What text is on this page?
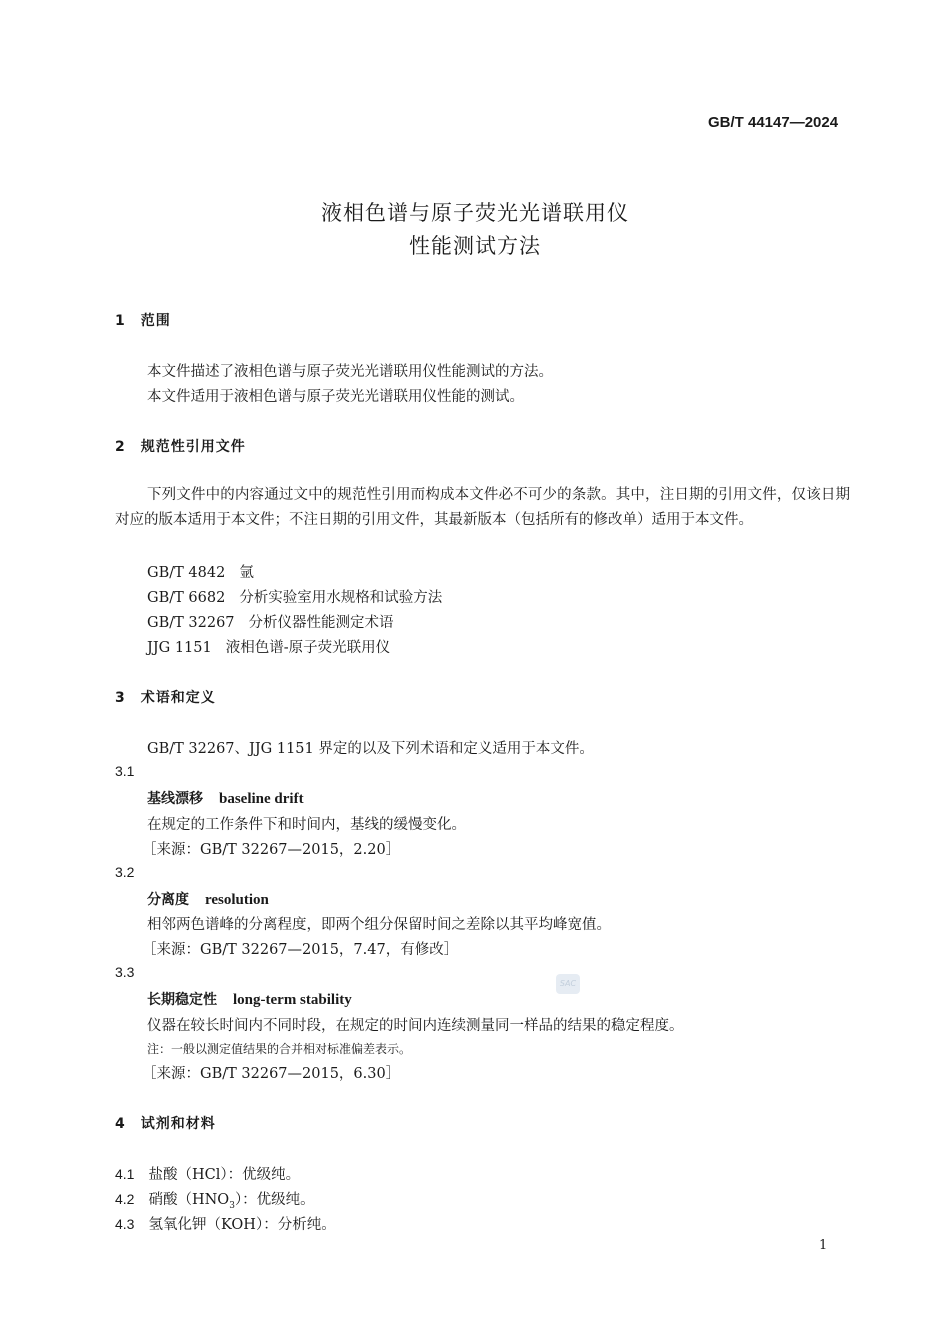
GB/T 44147—2024
液相色谱与原子荧光光谱联用仪
性能测试方法
1　范围
本文件描述了液相色谱与原子荧光光谱联用仪性能测试的方法。
本文件适用于液相色谱与原子荧光光谱联用仪性能的测试。
2　规范性引用文件
下列文件中的内容通过文中的规范性引用而构成本文件必不可少的条款。其中，注日期的引用文件，仅该日期对应的版本适用于本文件；不注日期的引用文件，其最新版本（包括所有的修改单）适用于本文件。
GB/T 4842 氩
GB/T 6682 分析实验室用水规格和试验方法
GB/T 32267 分析仪器性能测定术语
JJG 1151 液相色谱-原子荧光联用仪
3　术语和定义
GB/T 32267、JJG 1151 界定的以及下列术语和定义适用于本文件。
3.1
基线漂移 baseline drift
在规定的工作条件下和时间内，基线的缓慢变化。
［来源：GB/T 32267—2015，2.20］
3.2
分离度 resolution
相邻两色谱峰的分离程度，即两个组分保留时间之差除以其平均峰宽值。
［来源：GB/T 32267—2015，7.47，有修改］
3.3
长期稳定性 long-term stability
仪器在较长时间内不同时段，在规定的时间内连续测量同一样品的结果的稳定程度。
注：一般以测定值结果的合并相对标准偏差表示。
［来源：GB/T 32267—2015，6.30］
4　试剂和材料
4.1 盐酸（HCl）：优级纯。
4.2 硝酸$(HNO_3)$：优级纯。
4.3 氢氧化钾（KOH）：分析纯。
SAC
1
